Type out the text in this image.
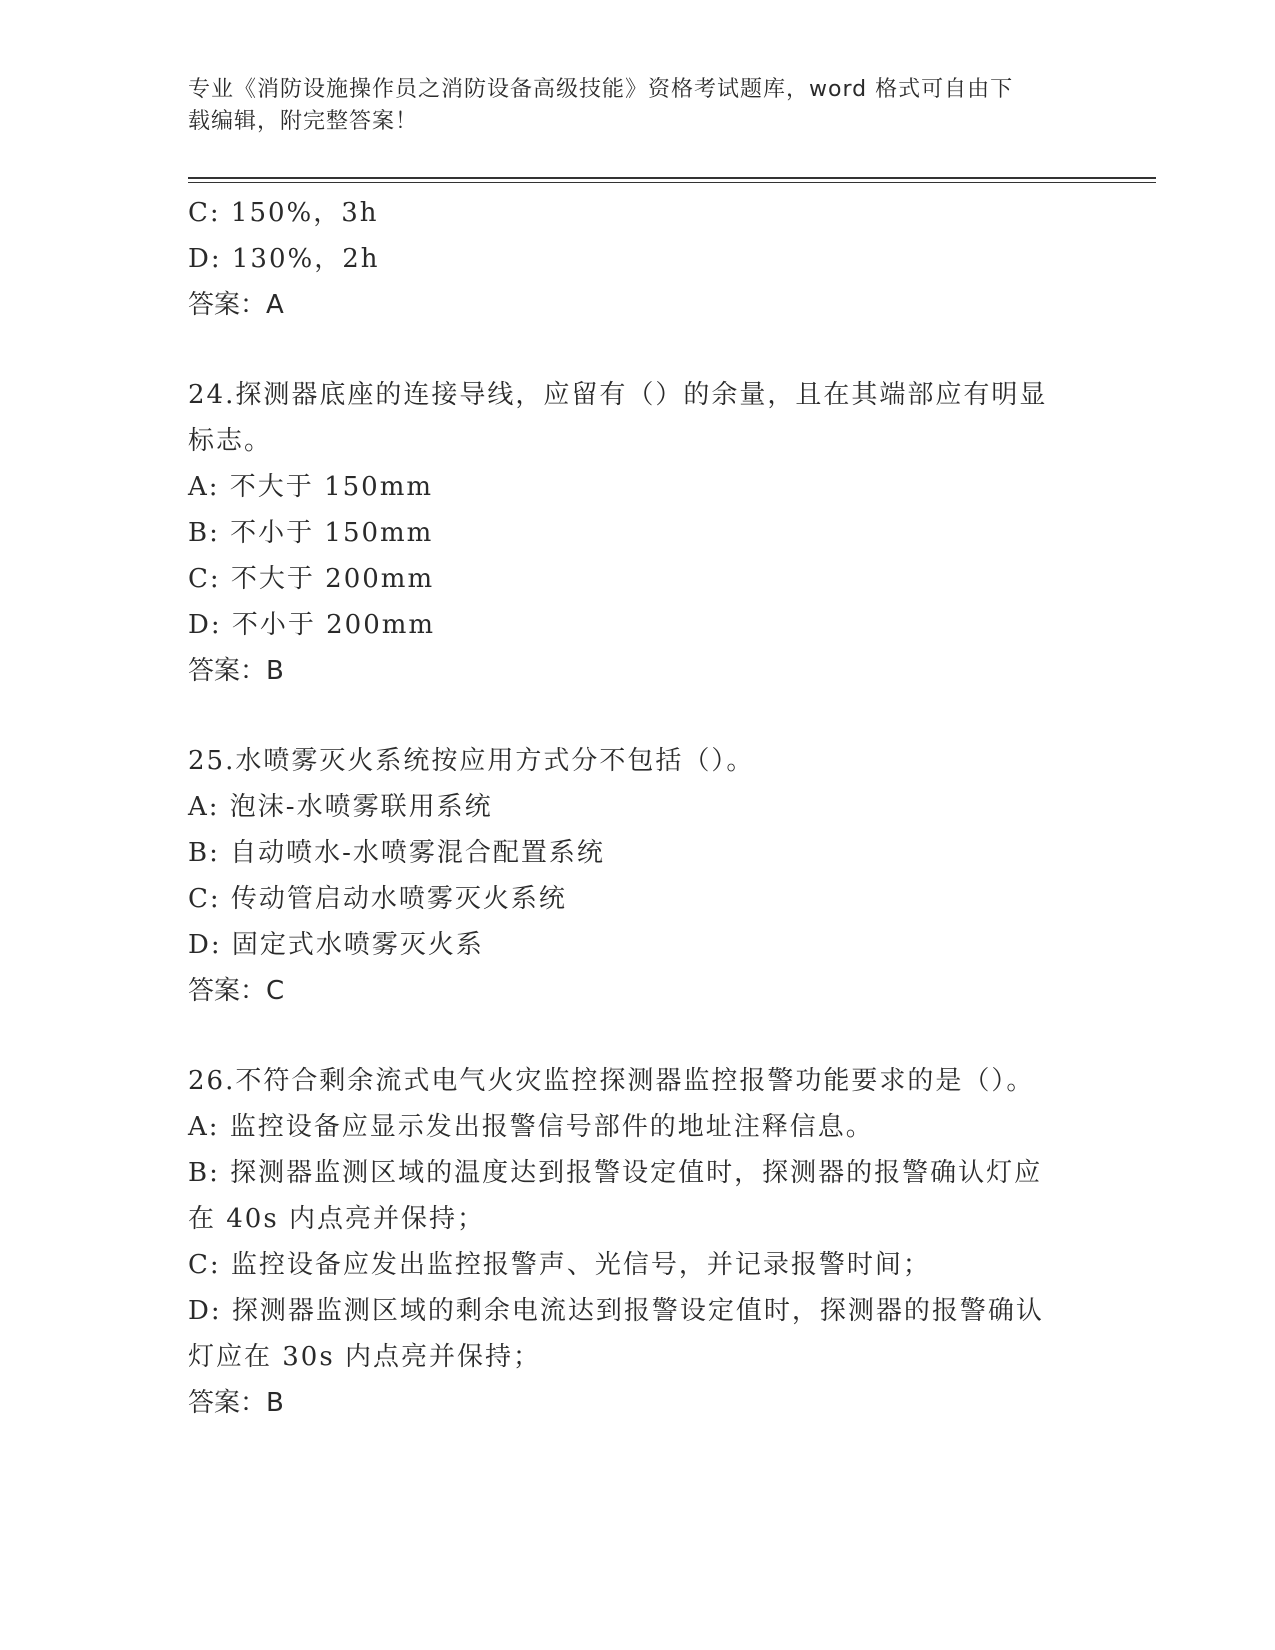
专业《消防设施操作员之消防设备高级技能》资格考试题库，word 格式可自由下
载编辑，附完整答案！
C: 150%，3h
D: 130%，2h
答案：A
24.探测器底座的连接导线，应留有（）的余量，且在其端部应有明显
标志。
A: 不大于 150mm
B: 不小于 150mm
C: 不大于 200mm
D: 不小于 200mm
答案：B
25.水喷雾灭火系统按应用方式分不包括（）。
A: 泡沫-水喷雾联用系统
B: 自动喷水-水喷雾混合配置系统
C: 传动管启动水喷雾灭火系统
D: 固定式水喷雾灭火系
答案：C
26.不符合剩余流式电气火灾监控探测器监控报警功能要求的是（）。
A: 监控设备应显示发出报警信号部件的地址注释信息。
B: 探测器监测区域的温度达到报警设定值时，探测器的报警确认灯应
在 40s 内点亮并保持；
C: 监控设备应发出监控报警声、光信号，并记录报警时间；
D: 探测器监测区域的剩余电流达到报警设定值时，探测器的报警确认
灯应在 30s 内点亮并保持；
答案：B
